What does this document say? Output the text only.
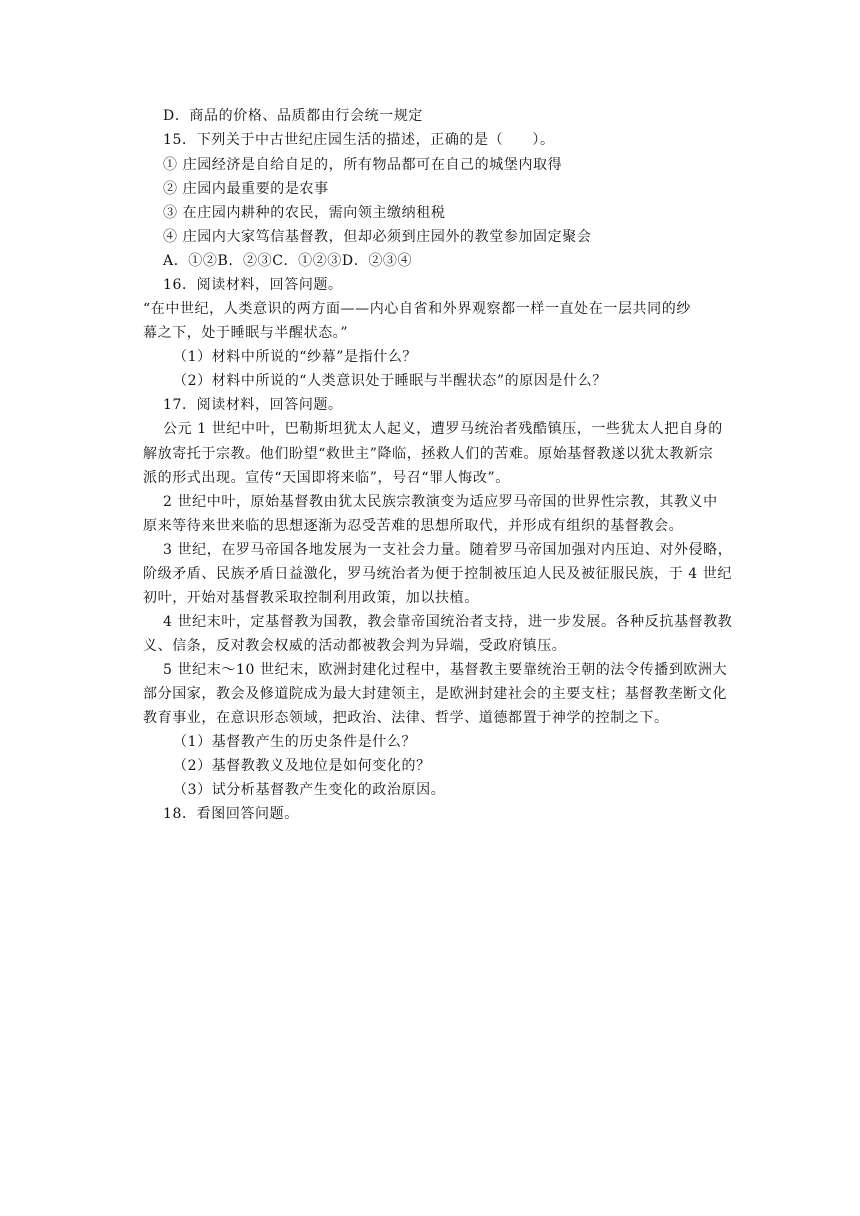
D．商品的价格、品质都由行会统一规定
15．下列关于中古世纪庄园生活的描述，正确的是（　　）。
① 庄园经济是自给自足的，所有物品都可在自己的城堡内取得
② 庄园内最重要的是农事
③ 在庄园内耕种的农民，需向领主缴纳租税
④ 庄园内大家笃信基督教，但却必须到庄园外的教堂参加固定聚会
A．①②B．②③C．①②③D．②③④
16．阅读材料，回答问题。
“在中世纪，人类意识的两方面——内心自省和外界观察都一样一直处在一层共同的纱
幕之下，处于睡眠与半醒状态。”
（1）材料中所说的“纱幕”是指什么？
（2）材料中所说的“人类意识处于睡眠与半醒状态”的原因是什么？
17．阅读材料，回答问题。
公元 1 世纪中叶，巴勒斯坦犹太人起义，遭罗马统治者残酷镇压，一些犹太人把自身的
解放寄托于宗教。他们盼望“救世主”降临，拯救人们的苦难。原始基督教遂以犹太教新宗
派的形式出现。宣传“天国即将来临”，号召“罪人悔改”。
2 世纪中叶，原始基督教由犹太民族宗教演变为适应罗马帝国的世界性宗教，其教义中
原来等待来世来临的思想逐渐为忍受苦难的思想所取代，并形成有组织的基督教会。
3 世纪，在罗马帝国各地发展为一支社会力量。随着罗马帝国加强对内压迫、对外侵略，
阶级矛盾、民族矛盾日益激化，罗马统治者为便于控制被压迫人民及被征服民族，于 4 世纪
初叶，开始对基督教采取控制利用政策，加以扶植。
4 世纪末叶，定基督教为国教，教会靠帝国统治者支持，进一步发展。各种反抗基督教教
义、信条，反对教会权威的活动都被教会判为异端，受政府镇压。
5 世纪末～10 世纪末，欧洲封建化过程中，基督教主要靠统治王朝的法令传播到欧洲大
部分国家，教会及修道院成为最大封建领主，是欧洲封建社会的主要支柱；基督教垄断文化
教育事业，在意识形态领域，把政治、法律、哲学、道德都置于神学的控制之下。
（1）基督教产生的历史条件是什么？
（2）基督教教义及地位是如何变化的？
（3）试分析基督教产生变化的政治原因。
18．看图回答问题。
